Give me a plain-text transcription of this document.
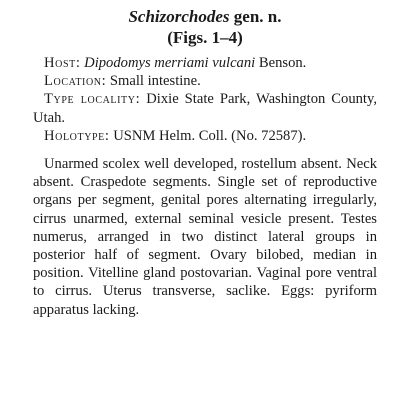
Schizorchodes gen. n.
(Figs. 1–4)

Host: Dipodomys merriami vulcani Benson.

Location: Small intestine.

Type locality: Dixie State Park, Washington County, Utah.

Holotype: USNM Helm. Coll. (No. 72587).

Unarmed scolex well developed, rostellum absent. Neck absent. Craspedote segments. Single set of reproductive organs per segment, genital pores alternating irregularly, cirrus unarmed, external seminal vesicle present. Testes numerus, arranged in two distinct lateral groups in posterior half of segment. Ovary bilobed, median in position. Vitelline gland postovarian. Vaginal pore ventral to cirrus. Uterus transverse, saclike. Eggs: pyriform apparatus lacking.
